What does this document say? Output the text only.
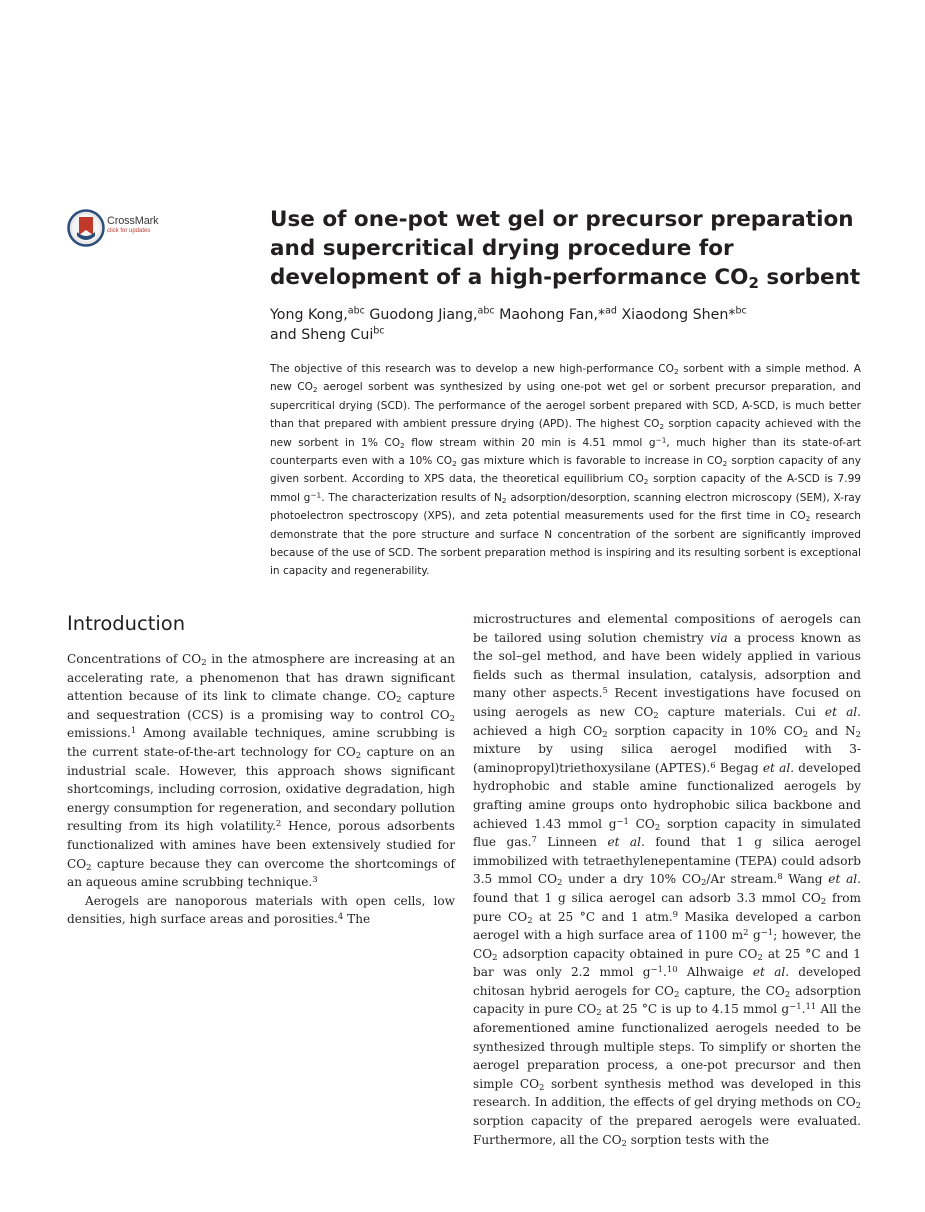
CrossMark
click for updates	Use of one-pot wet gel or precursor preparation and supercritical drying procedure for development of a high-performance $CO_2$ sorbent
Yong Kong,$^{abc}$ Guodong Jiang,$^{abc}$ Maohong Fan,*$^{ad}$ Xiaodong Shen*$^{bc}$
and Sheng Cui$^{bc}$

The objective of this research was to develop a new high-performance $CO_2$ sorbent with a simple method. A new $CO_2$ aerogel sorbent was synthesized by using one-pot wet gel or sorbent precursor preparation, and supercritical drying (SCD). The performance of the aerogel sorbent prepared with SCD, A-SCD, is much better than that prepared with ambient pressure drying (APD). The highest $CO_2$ sorption capacity achieved with the new sorbent in 1% $CO_2$ flow stream within 20 min is 4.51 mmol $g^{-1}$, much higher than its state-of-art counterparts even with a 10% $CO_2$ gas mixture which is favorable to increase in $CO_2$ sorption capacity of any given sorbent. According to XPS data, the theoretical equilibrium $CO_2$ sorption capacity of the A-SCD is 7.99 mmol $g^{-1}$. The characterization results of $N_2$ adsorption/desorption, scanning electron microscopy (SEM), X-ray photoelectron spectroscopy (XPS), and zeta potential measurements used for the first time in $CO_2$ research demonstrate that the pore structure and surface N concentration of the sorbent are significantly improved because of the use of SCD. The sorbent preparation method is inspiring and its resulting sorbent is exceptional in capacity and regenerability.

Introduction

Concentrations of $CO_2$ in the atmosphere are increasing at an accelerating rate, a phenomenon that has drawn significant attention because of its link to climate change. $CO_2$ capture and sequestration (CCS) is a promising way to control $CO_2$ emissions.$^1$ Among available techniques, amine scrubbing is the current state-of-the-art technology for $CO_2$ capture on an industrial scale. However, this approach shows significant shortcomings, including corrosion, oxidative degradation, high energy consumption for regeneration, and secondary pollution resulting from its high volatility.$^2$ Hence, porous adsorbents functionalized with amines have been extensively studied for $CO_2$ capture because they can overcome the shortcomings of an aqueous amine scrubbing technique.$^3$

Aerogels are nanoporous materials with open cells, low densities, high surface areas and porosities.$^4$ The

microstructures and elemental compositions of aerogels can be tailored using solution chemistry via a process known as the sol–gel method, and have been widely applied in various fields such as thermal insulation, catalysis, adsorption and many other aspects.$^5$ Recent investigations have focused on using aerogels as new $CO_2$ capture materials. Cui et al. achieved a high $CO_2$ sorption capacity in 10% $CO_2$ and $N_2$ mixture by using silica aerogel modified with 3-(aminopropyl)triethoxysilane (APTES).$^6$ Begag et al. developed hydrophobic and stable amine functionalized aerogels by grafting amine groups onto hydrophobic silica backbone and achieved 1.43 mmol $g^{-1}$ $CO_2$ sorption capacity in simulated flue gas.$^7$ Linneen et al. found that 1 g silica aerogel immobilized with tetraethylenepentamine (TEPA) could adsorb 3.5 mmol $CO_2$ under a dry 10% $CO_2/Ar$ stream.$^8$ Wang et al. found that 1 g silica aerogel can adsorb 3.3 mmol $CO_2$ from pure $CO_2$ at 25 °C and 1 atm.$^9$ Masika developed a carbon aerogel with a high surface area of 1100 $m^2$ $g^{-1}$; however, the $CO_2$ adsorption capacity obtained in pure $CO_2$ at 25 °C and 1 bar was only 2.2 mmol $g^{-1}.^{10}$ Alhwaige et al. developed chitosan hybrid aerogels for $CO_2$ capture, the $CO_2$ adsorption capacity in pure $CO_2$ at 25 °C is up to 4.15 mmol $g^{-1}.^{11}$ All the aforementioned amine functionalized aerogels needed to be synthesized through multiple steps. To simplify or shorten the aerogel preparation process, a one-pot precursor and then simple $CO_2$ sorbent synthesis method was developed in this research. In addition, the effects of gel drying methods on $CO_2$ sorption capacity of the prepared aerogels were evaluated. Furthermore, all the $CO_2$ sorption tests with the
